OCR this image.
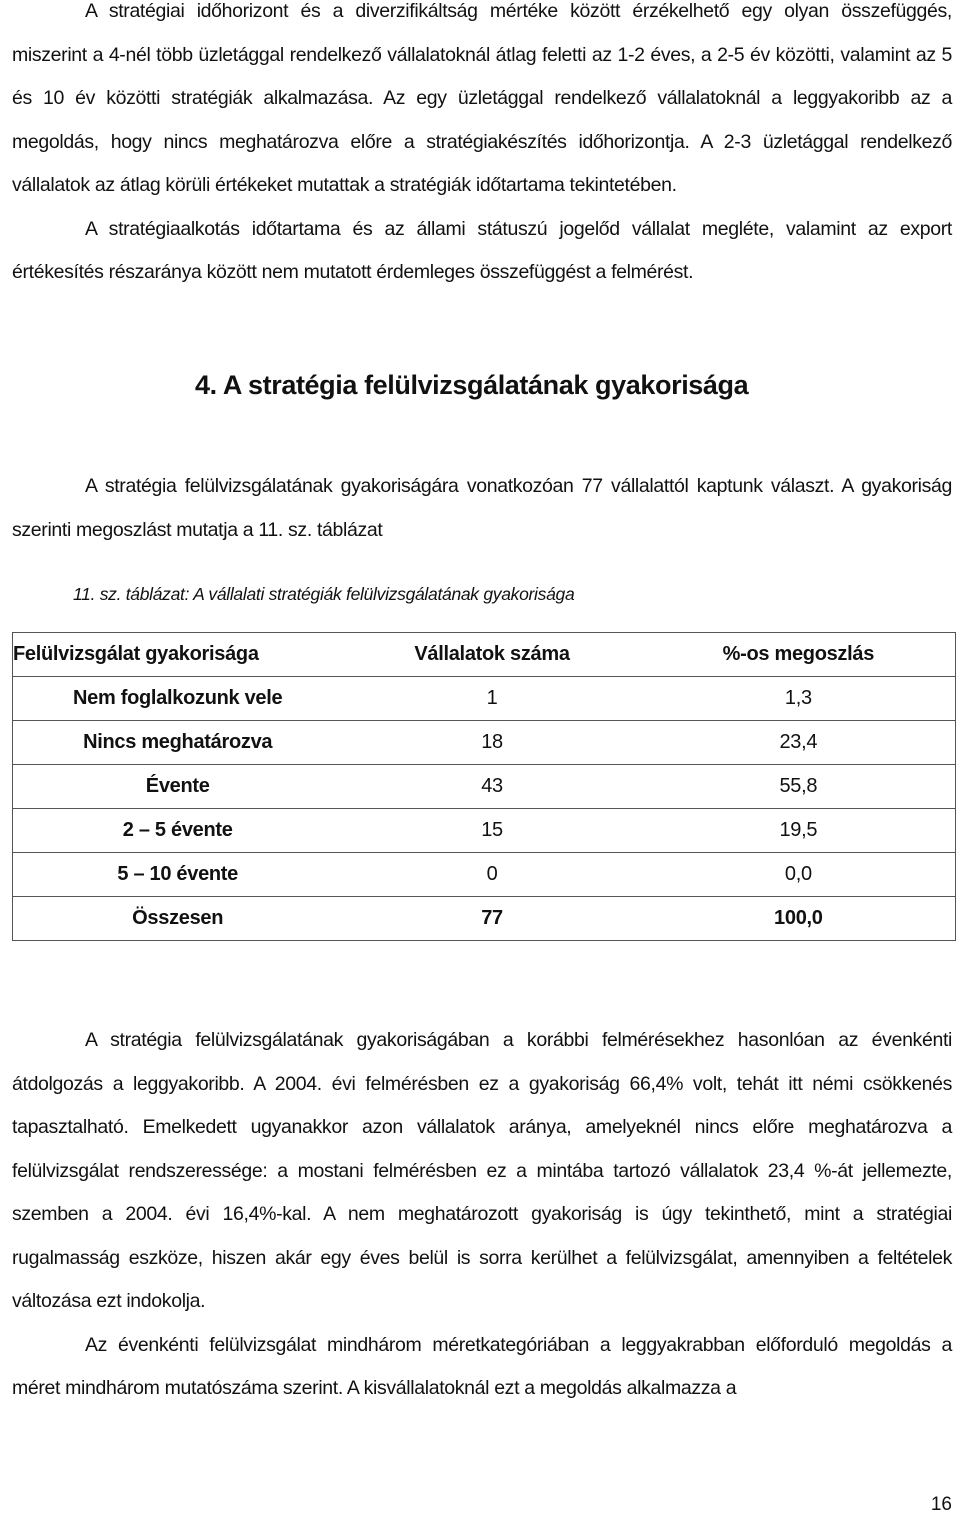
A stratégiai időhorizont és a diverzifikáltság mértéke között érzékelhető egy olyan összefüggés, miszerint a 4-nél több üzletággal rendelkező vállalatoknál átlag feletti az 1-2 éves, a 2-5 év közötti, valamint az 5 és 10 év közötti stratégiák alkalmazása. Az egy üzletággal rendelkező vállalatoknál a leggyakoribb az a megoldás, hogy nincs meghatározva előre a stratégiakészítés időhorizontja. A 2-3 üzletággal rendelkező vállalatok az átlag körüli értékeket mutattak a stratégiák időtartama tekintetében.

A stratégiaalkotás időtartama és az állami státuszú jogelőd vállalat megléte, valamint az export értékesítés részaránya között nem mutatott érdemleges összefüggést a felmérést.

4. A stratégia felülvizsgálatának gyakorisága

A stratégia felülvizsgálatának gyakoriságára vonatkozóan 77 vállalattól kaptunk választ. A gyakoriság szerinti megoszlást mutatja a 11. sz. táblázat

11. sz. táblázat: A vállalati stratégiák felülvizsgálatának gyakorisága

Felülvizsgálat gyakorisága	Vállalatok száma	%-os megoszlás
Nem foglalkozunk vele	1	1,3
Nincs meghatározva	18	23,4
Évente	43	55,8
2 – 5 évente	15	19,5
5 – 10 évente	0	0,0
Összesen	77	100,0

A stratégia felülvizsgálatának gyakoriságában a korábbi felmérésekhez hasonlóan az évenkénti átdolgozás a leggyakoribb. A 2004. évi felmérésben ez a gyakoriság 66,4% volt, tehát itt némi csökkenés tapasztalható. Emelkedett ugyanakkor azon vállalatok aránya, amelyeknél nincs előre meghatározva a felülvizsgálat rendszeressége: a mostani felmérésben ez a mintába tartozó vállalatok 23,4 %-át jellemezte, szemben a 2004. évi 16,4%-kal. A nem meghatározott gyakoriság is úgy tekinthető, mint a stratégiai rugalmasság eszköze, hiszen akár egy éves belül is sorra kerülhet a felülvizsgálat, amennyiben a feltételek változása ezt indokolja.

Az évenkénti felülvizsgálat mindhárom méretkategóriában a leggyakrabban előforduló megoldás a méret mindhárom mutatószáma szerint. A kisvállalatoknál ezt a megoldás alkalmazza a

16
